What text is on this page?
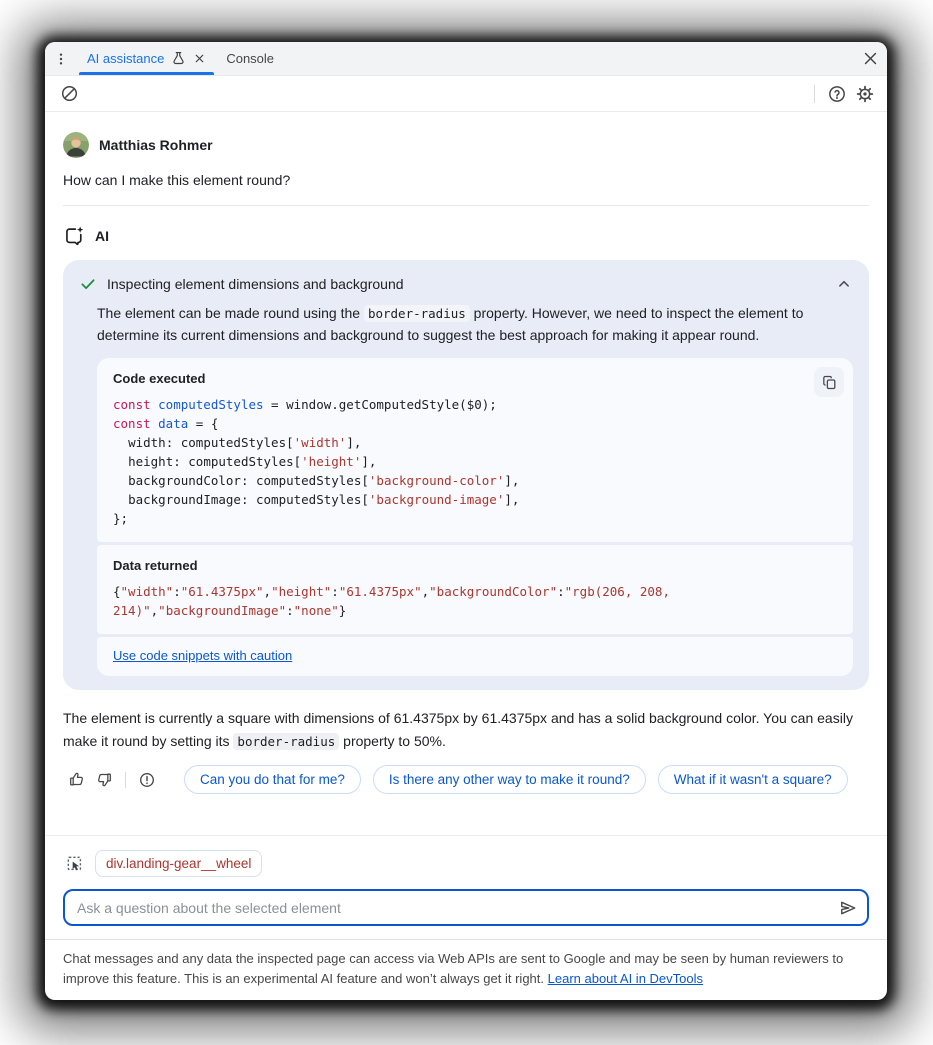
AI assistance	Console
Matthias Rohmer
How can I make this element round?
AI
Inspecting element dimensions and background
The element can be made round using the border-radius property. However, we need to inspect the element to determine its current dimensions and background to suggest the best approach for making it appear round.
Code executed
const computedStyles = window.getComputedStyle($0);
const data = {
width: computedStyles['width'],
height: computedStyles['height'],
backgroundColor: computedStyles['background-color'],
backgroundImage: computedStyles['background-image'],
};
Data returned
{"width":"61.4375px","height":"61.4375px","backgroundColor":"rgb(206, 208, 214)","backgroundImage":"none"}
Use code snippets with caution
The element is currently a square with dimensions of 61.4375px by 61.4375px and has a solid background color. You can easily make it round by setting its border-radius property to 50%.
Can you do that for me?	Is there any other way to make it round?	What if it wasn't a square?
div.landing-gear__wheel
Ask a question about the selected element
Chat messages and any data the inspected page can access via Web APIs are sent to Google and may be seen by human reviewers to improve this feature. This is an experimental AI feature and won’t always get it right. Learn about AI in DevTools
